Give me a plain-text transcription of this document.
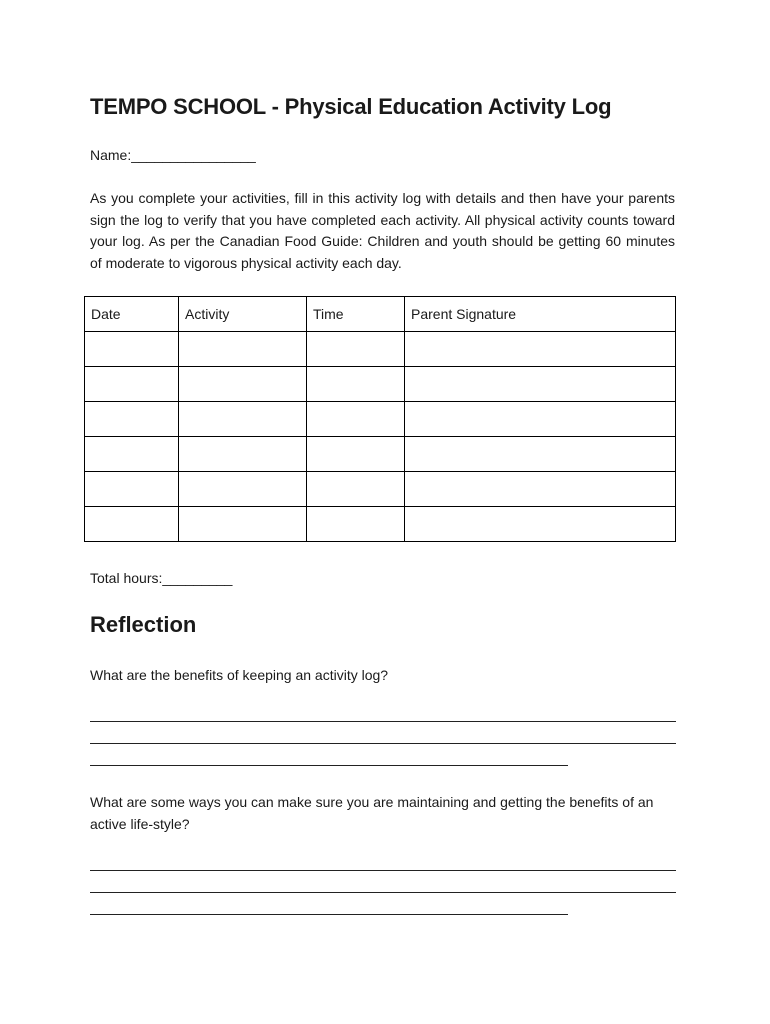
TEMPO SCHOOL - Physical Education Activity Log
Name:________________

As you complete your activities, fill in this activity log with details and then have your parents sign the log to verify that you have completed each activity. All physical activity counts toward your log. As per the Canadian Food Guide: Children and youth should be getting 60 minutes of moderate to vigorous physical activity each day.

Date	Activity	Time	Parent Signature

Total hours:_________
Reflection

What are the benefits of keeping an activity log?

What are some ways you can make sure you are maintaining and getting the benefits of an active life-style?
